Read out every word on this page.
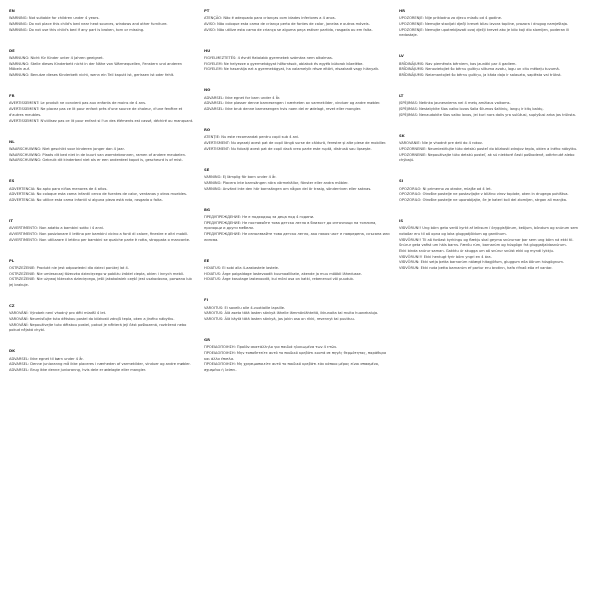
EN
WARNING: Not suitable for children under 4 years.
WARNING: Do not place this child's bed near heat sources, windows and other furniture.
WARNING: Do not use this child's bed if any part is broken, torn or missing.
DE
WARNUNG: Nicht für Kinder unter 4 Jahren geeignet.
WARNUNG: Stelle dieses Kinderbett nicht in der Nähe von Wärmequellen, Fenstern und anderen Möbeln auf.
WARNUNG: Benutze dieses Kinderbett nicht, wenn ein Teil kaputt ist, gerissen ist oder fehlt.
FR
AVERTISSEMENT: Le produit ne convient pas aux enfants de moins de 4 ans.
AVERTISSEMENT: Ne placez pas ce lit pour enfant près d'une source de chaleur, d'une fenêtre et d'autres meubles.
AVERTISSEMENT: N'utilisez pas ce lit pour enfant si l'un des éléments est cassé, déchiré ou manquant.
NL
WAARSCHUWING: Niet geschikt voor kinderen jonger dan 4 jaar.
WAARSCHUWING: Plaats dit bed niet in de buurt van warmtebronnen, ramen of andere meubelen.
WAARSCHUWING: Gebruik dit kinderbed niet als er een onderdeel kapot is, gescheurd is of mist.
ES
ADVERTENCIA: No apto para niños menores de 4 años.
ADVERTENCIA: No coloque esta cama infantil cerca de fuentes de calor, ventanas y otros muebles.
ADVERTENCIA: No utilice esta cama infantil si alguna pieza está rota, rasgada o falta.
IT
AVVERTIMENTO: Non adatto a bambini sotto i 4 anni.
AVVERTIMENTO: Non posizionare il lettino per bambini vicino a fonti di calore, finestre e altri mobili.
AVVERTIMENTO: Non utilizzare il lettino per bambini se qualche parte è rotta, strappata o mancante.
PL
OSTRZEŻENIE: Produkt nie jest odpowiedni dla dzieci poniżej lat 4.
OSTRZEŻENIE: Nie umieszczaj łóżeczka dziecięcego w pobliżu źródeł ciepła, okien i innych mebli.
OSTRZEŻENIE: Nie używaj łóżeczka dziecięcego, jeśli jakakolwiek część jest uszkodzona, porwana lub jej brakuje.
CZ
VAROVÁNÍ: Výrobek není vhodný pro děti mladší 4 let.
VAROVÁNÍ: Neumisťujte tuto dětskou postel do blízkosti zdrojů tepla, oken a jiného nábytku.
VAROVÁNÍ: Nepoužívejte tuto dětskou postel, pokud je některá její část poškozená, roztržená nebo pokud nějaká chybí.
DK
ADVARSEL: Ikke egnet til børn under 4 år.
ADVARSEL: Denne junioranng må ikke placeres i nærheden af varmekilder, vinduer og andre møbler.
ADVARSEL: Brug ikke denne junioranng, hvis dele er ødelagte eller mangler.
PT
ATENÇÃO: Não é adequado para crianças com idades inferiores a 4 anos.
AVISO: Não coloque esta cama de criança perto de fontes de calor, janelas e outros móveis.
AVISO: Não utilize esta cama de criança se alguma peça estiver partida, rasgada ou em falta.
HU
FIGYELMEZTETÉS: 4 évnél fiatalabb gyermekek számára nem alkalmas.
FIGYELEM: Ne helyezze a gyermekágyat hőforrások, ablakok és egyéb bútorok közelébe.
FIGYELEM: Ne használja ezt a gyermekágyat, ha valamelyik része eltört, elszakadt vagy hiányzik.
NO
ADVARSEL: Ikke egnet for barn under 4 år.
ADVARSEL: Ikke plasser denne barnesengen i nærheten av varmekilder, vinduer og andre møbler.
ADVARSEL: Ikke bruk denne barnesengen hvis noen del er ødelagt, revet eller mangler.
RO
ATENȚIE: Nu este recomandat pentru copii sub 4 ani.
AVERTISMENT: Nu așezați acest pat de copil lângă surse de căldură, ferestre și alte piese de mobilier.
AVERTISMENT: Nu folosiți acest pat de copil dacă vreo parte este ruptă, distrusă sau lipsește.
SE
VARNING: Ej lämplig för barn under 4 år.
VARNING: Placera inte barnsängen nära värmekällor, fönster eller andra möbler.
VARNING: Använd inte den här barnsängen om någon del är trasig, sönderriven eller saknas.
BG
ПРЕДУПРЕЖДЕНИЕ: Не е подходящ за деца под 4 години.
ПРЕДУПРЕЖДЕНИЕ: Не поставяйте това детско легло в близост до източници на топлина, прозорци и други мебели.
ПРЕДУПРЕЖДЕНИЕ: Не използвайте това детско легло, ако някоя част е повредена, скъсана или липсва.
EE
HOIATUS: Ei sobi alla 4-aastastele lastele.
HOIATUS: Ärge paigaldage lastevoodit kuumaallikate, akende ja muu mööbli lähedusse.
HOIATUS: Ärge kasutage lastevoodit, kui mõni osa on katki, rebenenud või puudub.
FI
VAROITUS: Ei sovellu alle 4-vuotiaille lapsille.
VAROITUS: Älä aseta tätä lasten sänkyä lähelle lämmönlähteitä, ikkunoita tai muita huonekaluja.
VAROITUS: Älä käytä tätä lasten sänkyä, jos jokin osa on rikki, revennyt tai puuttuu.
GR
ΠΡΟΕΙΔΟΠΟΙΗΣΗ: Προϊόν ακατάλληλο για παιδιά ηλικιωμένα των 4 ετών.
ΠΡΟΕΙΔΟΠΟΙΗΣΗ: Μην τοποθετείτε αυτό το παιδικό κρεβάτι κοντά σε πηγές θερμότητας, παράθυρα και άλλα έπιπλα.
ΠΡΟΕΙΔΟΠΟΙΗΣΗ: Μη χρησιμοποιείτε αυτό το παιδικό κρεβάτι εάν κάποιο μέρος είναι σπασμένο, σχισμένο ή λείπει.
HR
UPOZORENJE: Nije prikladno za djecu mlađu od 4 godine.
UPOZORENJE: Nemojte stavljati dječji krevet blizu izvora topline, prozora i drugog namještaja.
UPOZORENJE: Nemojte upotrebljavati ovaj dječji krevet ako je bilo koji dio slomljen, poderan ili nedostaje.
LV
BRĪDINĀJUMS: Nav piemērots bērniem, kas jaunāki par 4 gadiem.
BRĪDINĀJUMS: Nenovietojiet šo bērnu gultiņu siltuma avotu, logu un citu mēbeļu tuvumā.
BRĪDINĀJUMS: Neizmantojiet šo bērnu gultiņu, ja kāda daļa ir salauzta, saplēsta vai trūkst.
LT
ĮSPĖJIMAS: Netinka jaunesniems nei 4 metų amžiaus vaikams.
ĮSPĖJIMAS: Nestatykite šios vaiko lovos šalia šilumos šaltinių, langų ir kitų baldų.
ĮSPĖJIMAS: Nenaudokite šios vaiko lovos, jei kuri nors dalis yra sulūžusi, suplyšusi arba jos trūksta.
SK
VAROVANIE: Nie je vhodné pre deti do 4 rokov.
UPOZORNENIE: Neumiestňujte túto detskú posteľ do blízkosti zdrojov tepla, okien a iného nábytku.
UPOZORNENIE: Nepoužívajte túto detskú posteľ, ak sú niektoré časti poškodené, odtrhnuté alebo chýbajú.
SI
OPOZORILO: Ni primerno za otroke, mlajše od 4 let.
OPOZORILO: Otroške postelje ne postavljajte v bližino virov toplote, oken in drugega pohištva.
OPOZORILO: Otroške postelje ne uporabljajte, če je kateri koli del zlomljen, strgan ali manjka.
IS
VIÐVÖRUN!! Ung börn geta verið kyrkt af leiksum í öryggisfjörum, keðjum, böndum og snúrum sem notaðar eru til að opna og loka gluggatjöldum og gardínum.
VIÐVÖRUN!! Til að forðast kyrkingu og flækju skal geyma snúrurnar þar sem ung börn ná ekki til.
Snúrur geta vafist um háls barns. Færðu rúm, barnarúm og húsgögn frá gluggatjaldasnúrum.
Ekki binda snúrur saman. Gakktu úr skugga um að snúrur snúist ekki og myndi lykkju.
VIÐVÖRUN!!! Ekki hentugt fyrir börn yngri en 4 ára.
VIÐVÖRUN: Ekki setja þetta barnarúm nálægt hitagjöfum, gluggum eða öðrum húsgögnum.
VIÐVÖRUN: Ekki nota þetta barnarúm ef partur eru brotinn, hafa rifnað eða ef vantar.
